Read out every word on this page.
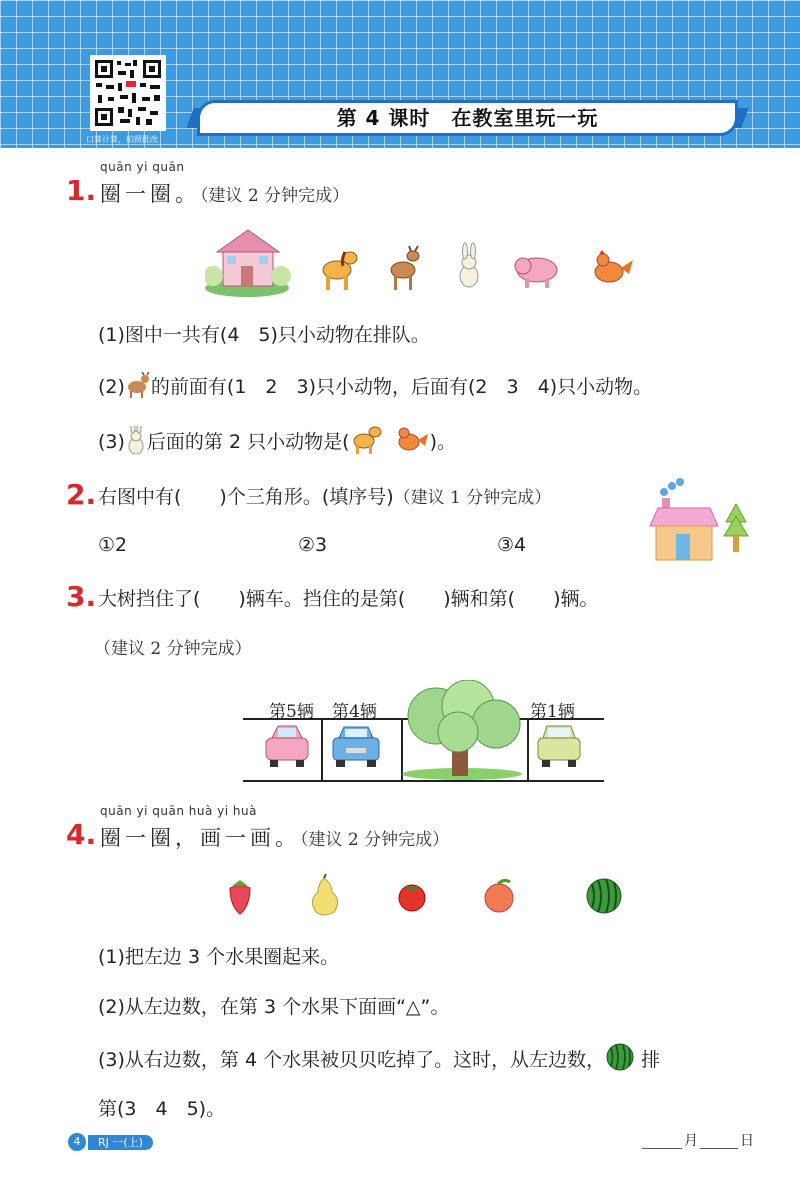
口算计算，拍照批改
第 4 课时　在教室里玩一玩
quān yi quān
1. 圈一圈。（建议 2 分钟完成）
(1)图中一共有(4　5)只小动物在排队。
(2) 的前面有(1　2　3)只小动物，后面有(2　3　4)只小动物。
(3) 后面的第 2 只小动物是(	)。
2. 右图中有(　　)个三角形。(填序号)（建议 1 分钟完成）
①2	②3	③4
3. 大树挡住了(　　)辆车。挡住的是第(　　)辆和第(　　)辆。
（建议 2 分钟完成）
第5辆 第4辆	第1辆
quān yi quān huà yi huà
4. 圈一圈，画一画。（建议 2 分钟完成）
(1)把左边 3 个水果圈起来。
(2)从左边数，在第 3 个水果下面画“△”。
(3)从右边数，第 4 个水果被贝贝吃掉了。这时，从左边数， 排
第(3　4　5)。
4	RJ 一(上)	月	日
